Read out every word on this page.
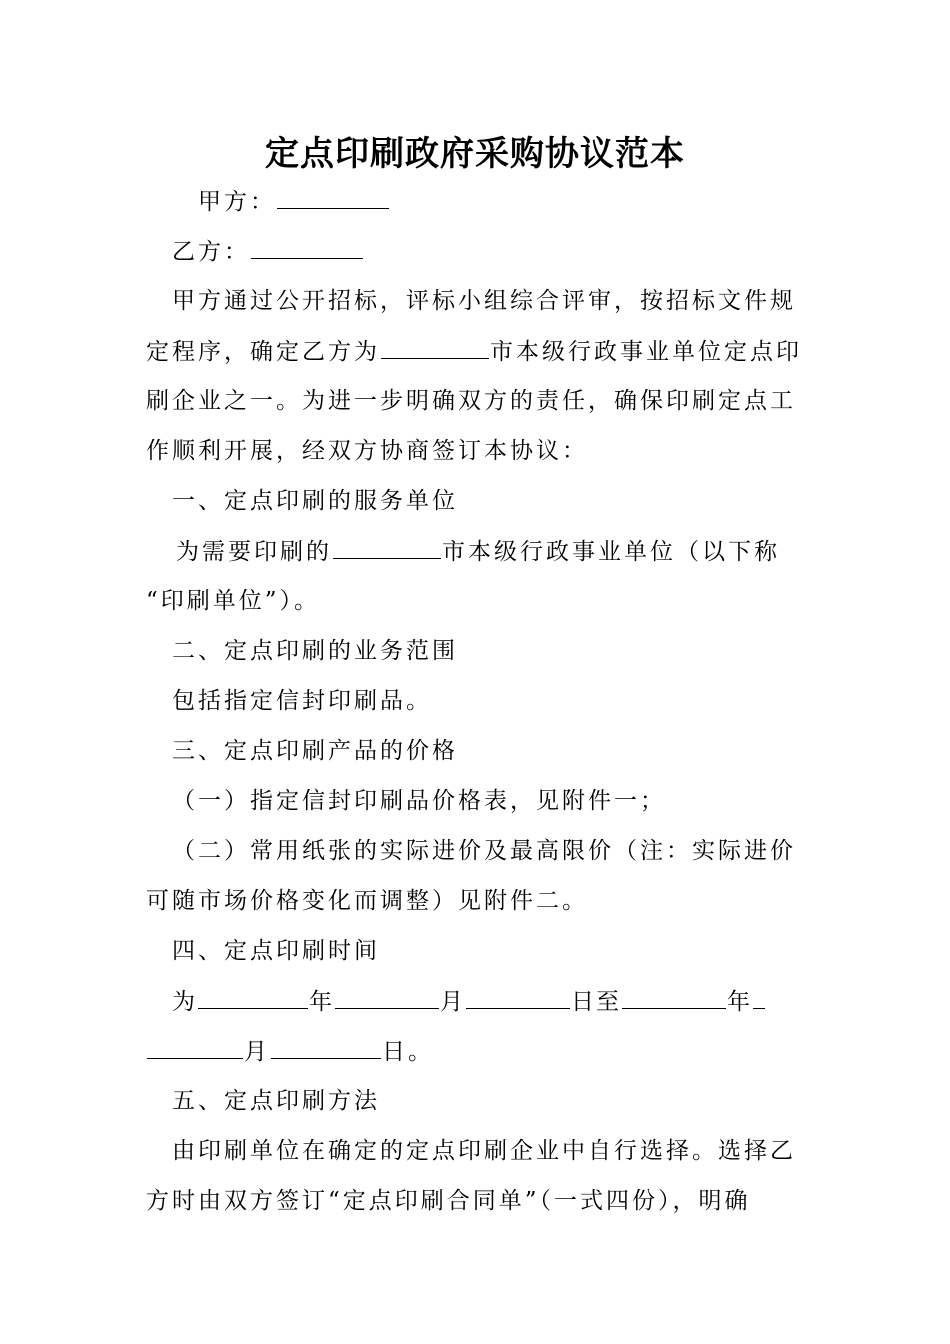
定点印刷政府采购协议范本
甲方：
乙方：
甲方通过公开招标，评标小组综合评审，按招标文件规
定程序，确定乙方为	市本级行政事业单位定点印
刷企业之一。为进一步明确双方的责任，确保印刷定点工
作顺利开展，经双方协商签订本协议：
一、定点印刷的服务单位
为需要印刷的	市本级行政事业单位（以下称
“印刷单位”）。
二、定点印刷的业务范围
包括指定信封印刷品。
三、定点印刷产品的价格
（一）指定信封印刷品价格表，见附件一；
（二）常用纸张的实际进价及最高限价（注：实际进价
可随市场价格变化而调整）见附件二。
四、定点印刷时间
为	年	月	日至	年
月	日。
五、定点印刷方法
由印刷单位在确定的定点印刷企业中自行选择。选择乙
方时由双方签订“定点印刷合同单”（一式四份），明确
